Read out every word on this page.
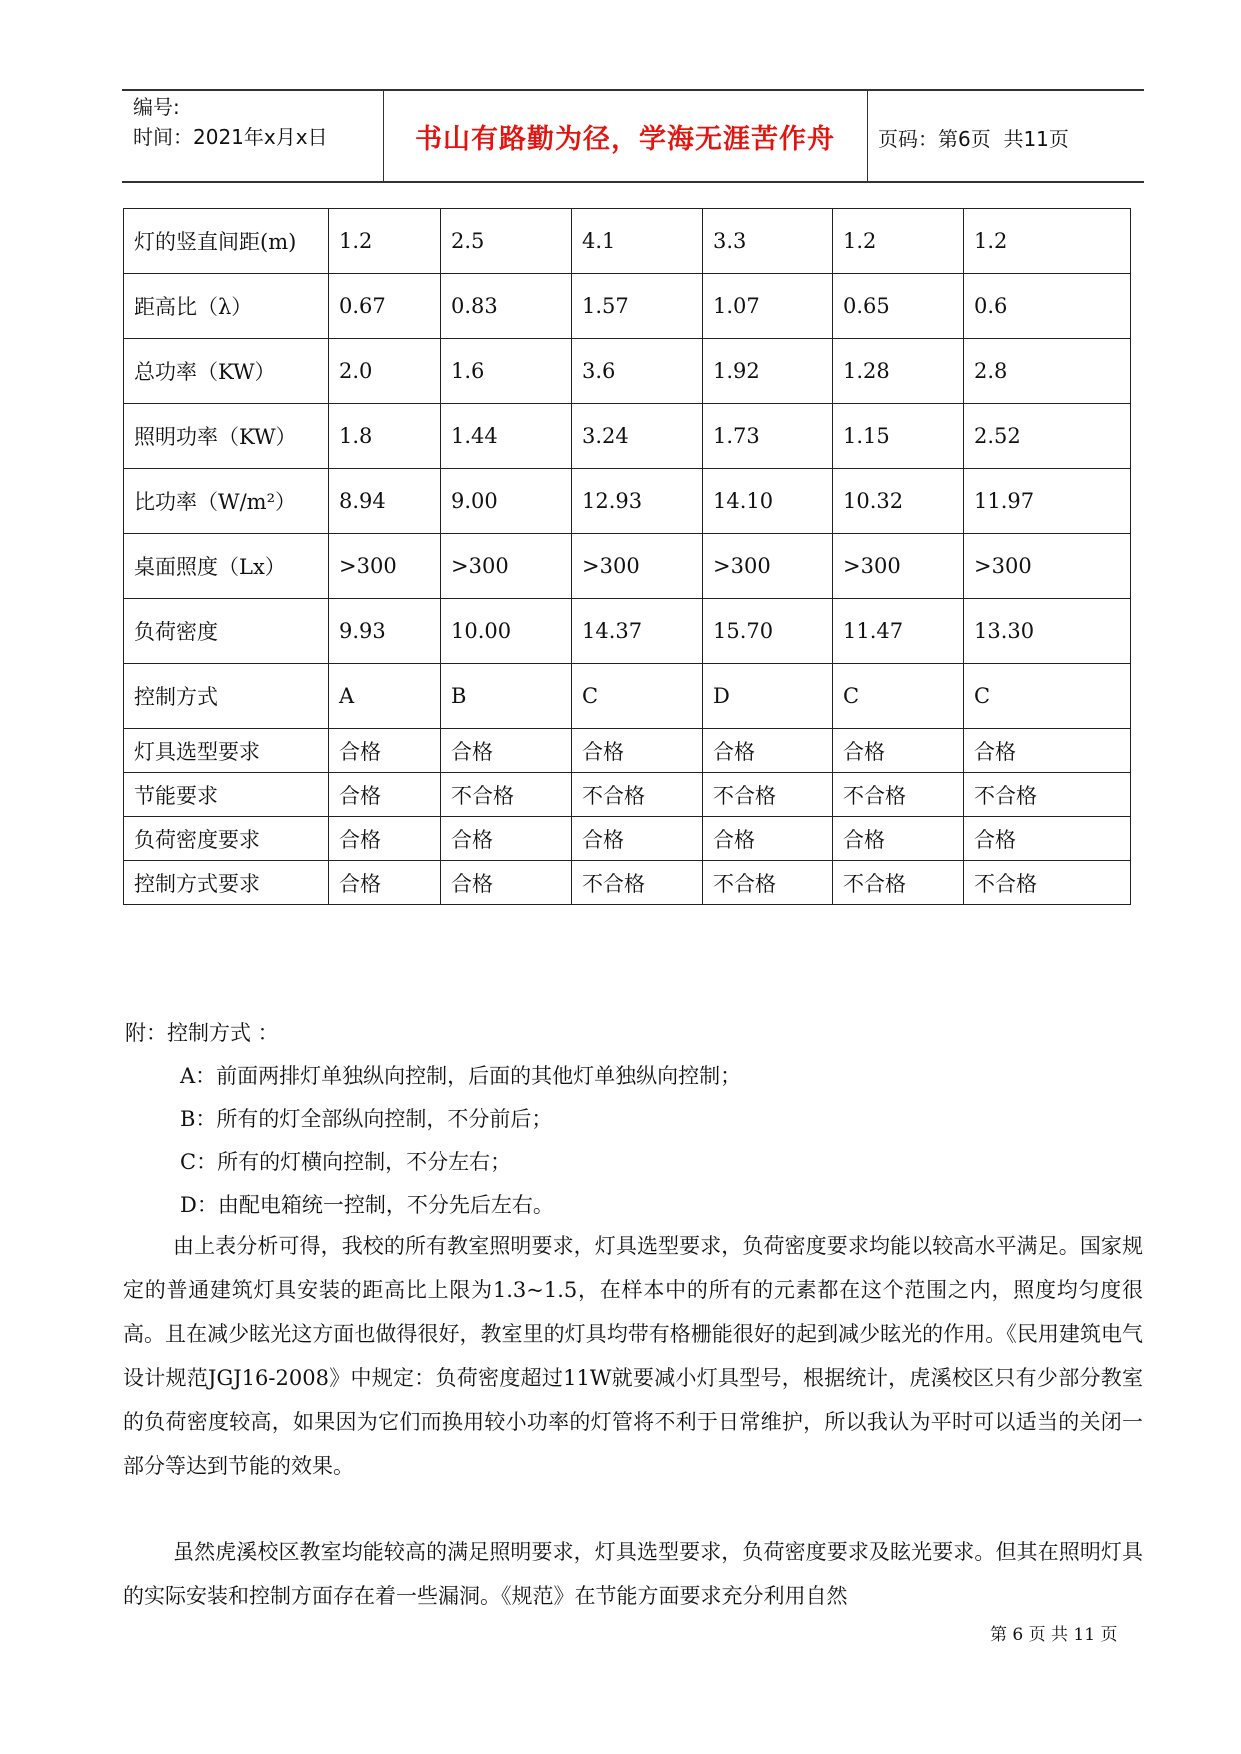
编号:
时间：2021年x月x日	书山有路勤为径，学海无涯苦作舟	页码：第6页  共11页
灯的竖直间距(m)	1.2	2.5	4.1	3.3	1.2	1.2
距高比（λ）	0.67	0.83	1.57	1.07	0.65	0.6
总功率（KW）	2.0	1.6	3.6	1.92	1.28	2.8
照明功率（KW）	1.8	1.44	3.24	1.73	1.15	2.52
比功率（W/m²）	8.94	9.00	12.93	14.10	10.32	11.97
桌面照度（Lx）	>300	>300	>300	>300	>300	>300
负荷密度	9.93	10.00	14.37	15.70	11.47	13.30
控制方式	A	B	C	D	C	C
灯具选型要求	合格	合格	合格	合格	合格	合格
节能要求	合格	不合格	不合格	不合格	不合格	不合格
负荷密度要求	合格	合格	合格	合格	合格	合格
控制方式要求	合格	合格	不合格	不合格	不合格	不合格
附：控制方式 ：
A：前面两排灯单独纵向控制，后面的其他灯单独纵向控制；
B：所有的灯全部纵向控制，不分前后；
C：所有的灯横向控制，不分左右；
D：由配电箱统一控制，不分先后左右。

由上表分析可得，我校的所有教室照明要求，灯具选型要求，负荷密度要求均能以较高水平满足。国家规定的普通建筑灯具安装的距高比上限为1.3~1.5，在样本中的所有的元素都在这个范围之内，照度均匀度很高。且在减少眩光这方面也做得很好，教室里的灯具均带有格栅能很好的起到减少眩光的作用。《民用建筑电气设计规范JGJ16-2008》中规定：负荷密度超过11W就要减小灯具型号，根据统计，虎溪校区只有少部分教室的负荷密度较高，如果因为它们而换用较小功率的灯管将不利于日常维护，所以我认为平时可以适当的关闭一部分等达到节能的效果。

虽然虎溪校区教室均能较高的满足照明要求，灯具选型要求，负荷密度要求及眩光要求。但其在照明灯具的实际安装和控制方面存在着一些漏洞。《规范》在节能方面要求充分利用自然

第 6 页 共 11 页
